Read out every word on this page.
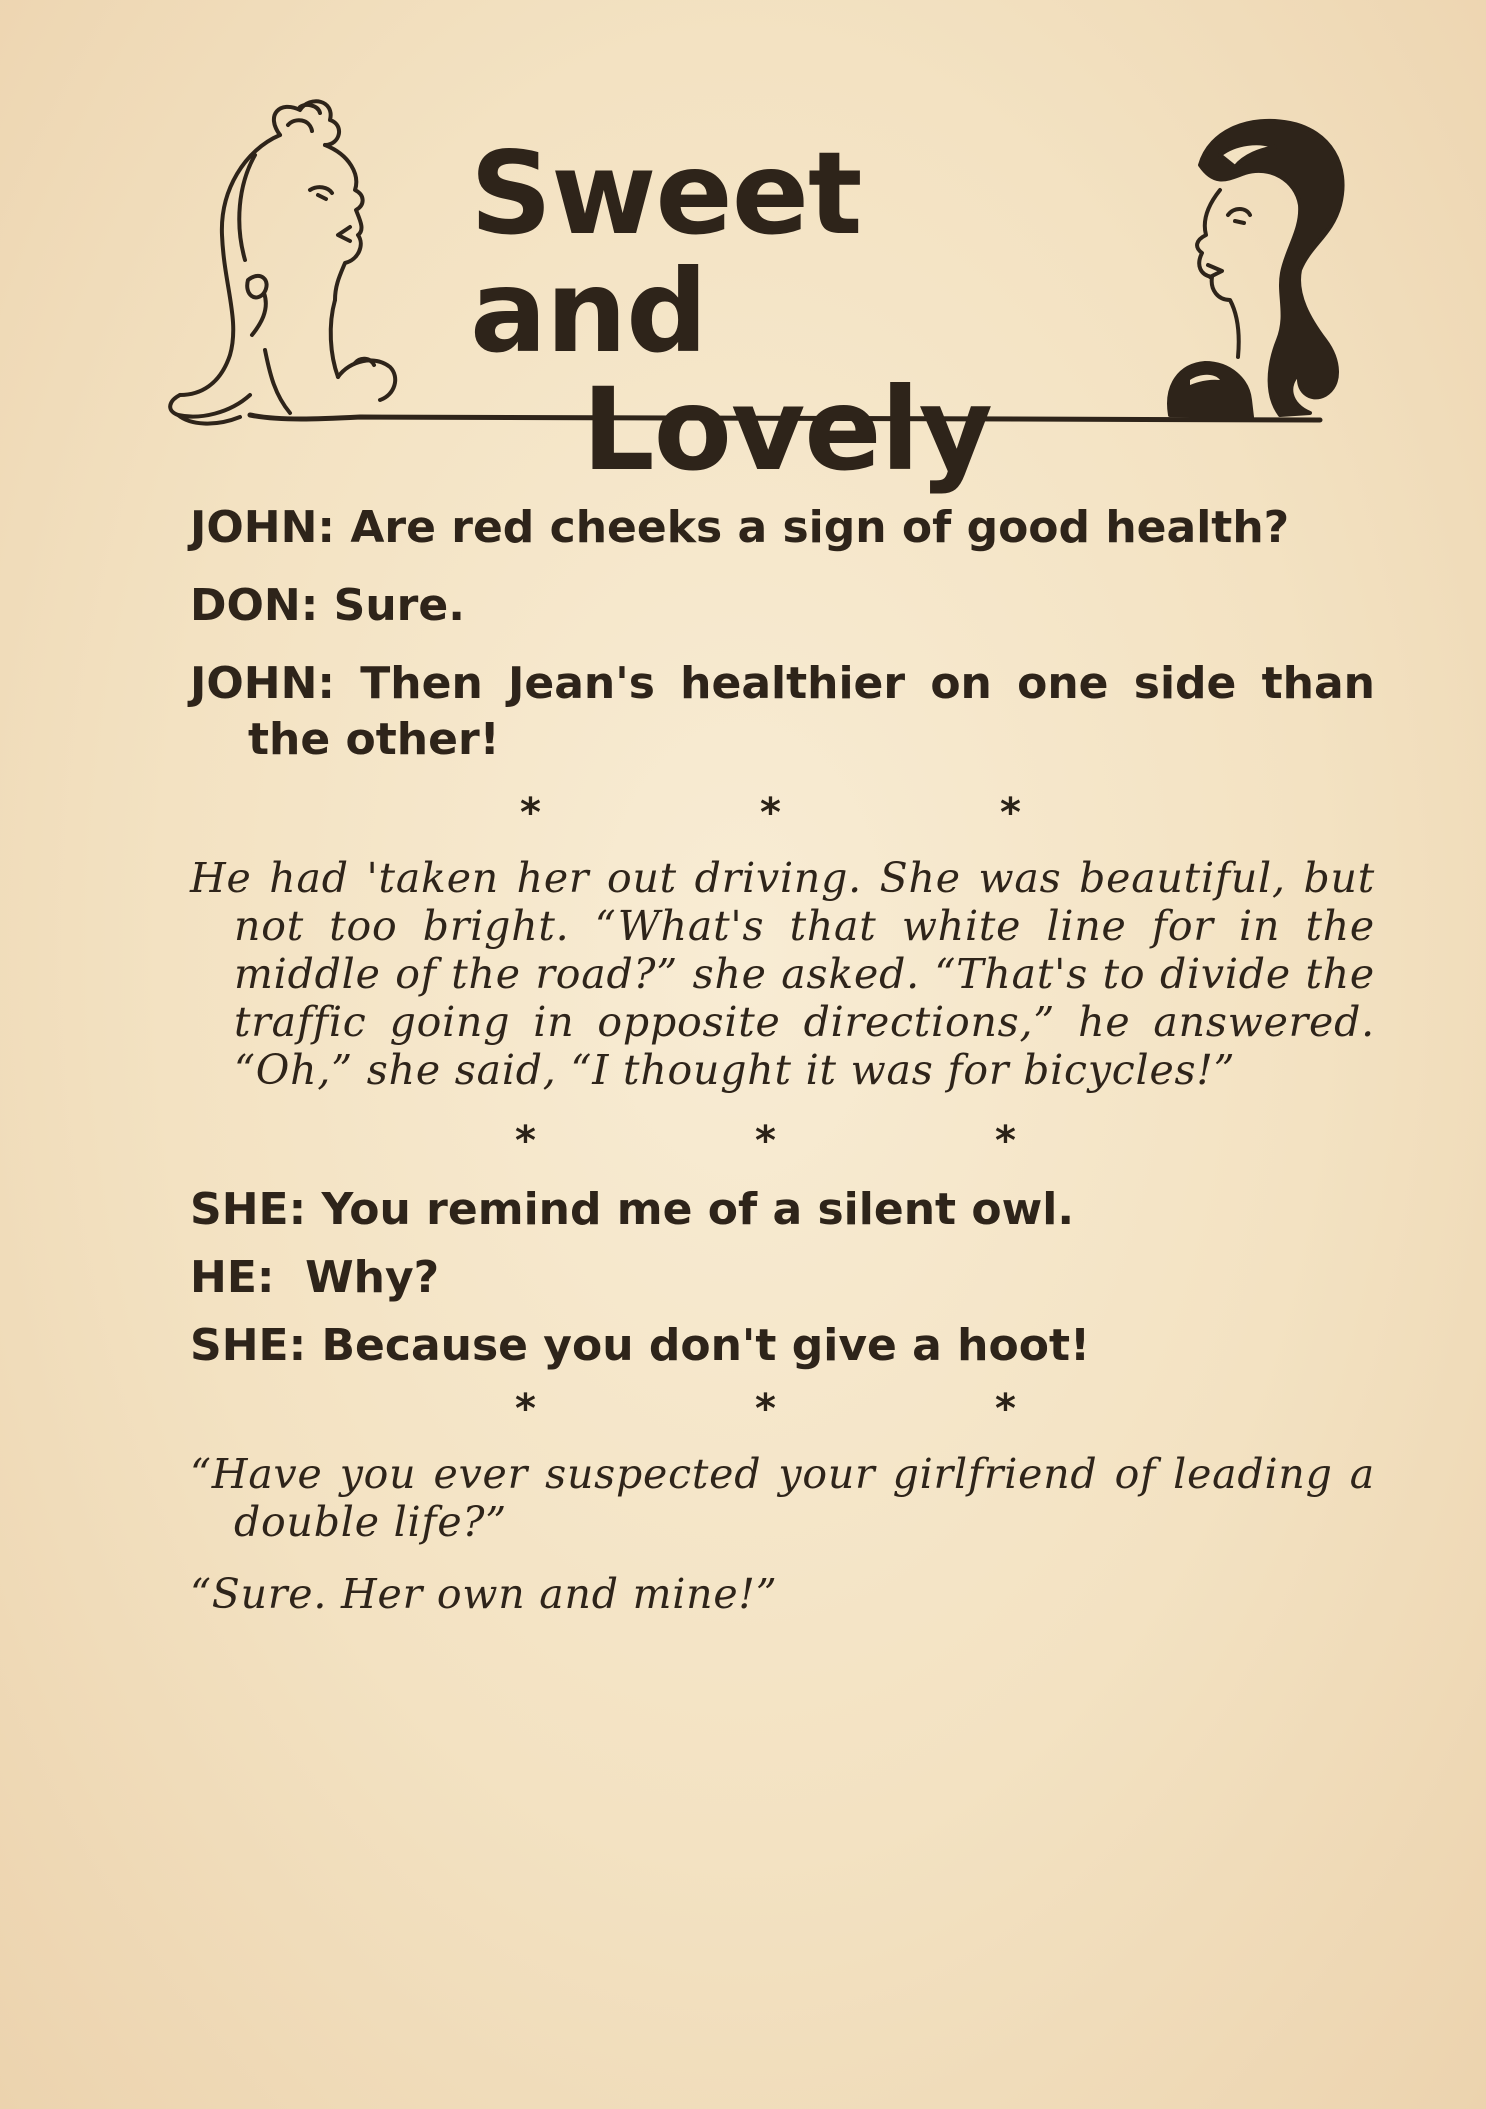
Sweet and
Lovely

JOHN: Are red cheeks a sign of good health?

DON: Sure.

JOHN: Then Jean's healthier on one side than the other!

*	*	*

He had 'taken her out driving. She was beautiful, but not too bright. “What's that white line for in the middle of the road?” she asked. “That's to divide the traffic going in opposite directions,” he answered. “Oh,” she said, “I thought it was for bicycles!”

*	*	*

SHE: You remind me of a silent owl.

HE:  Why?

SHE: Because you don't give a hoot!

*	*	*

“Have you ever suspected your girlfriend of leading a double life?”

“Sure. Her own and mine!”
